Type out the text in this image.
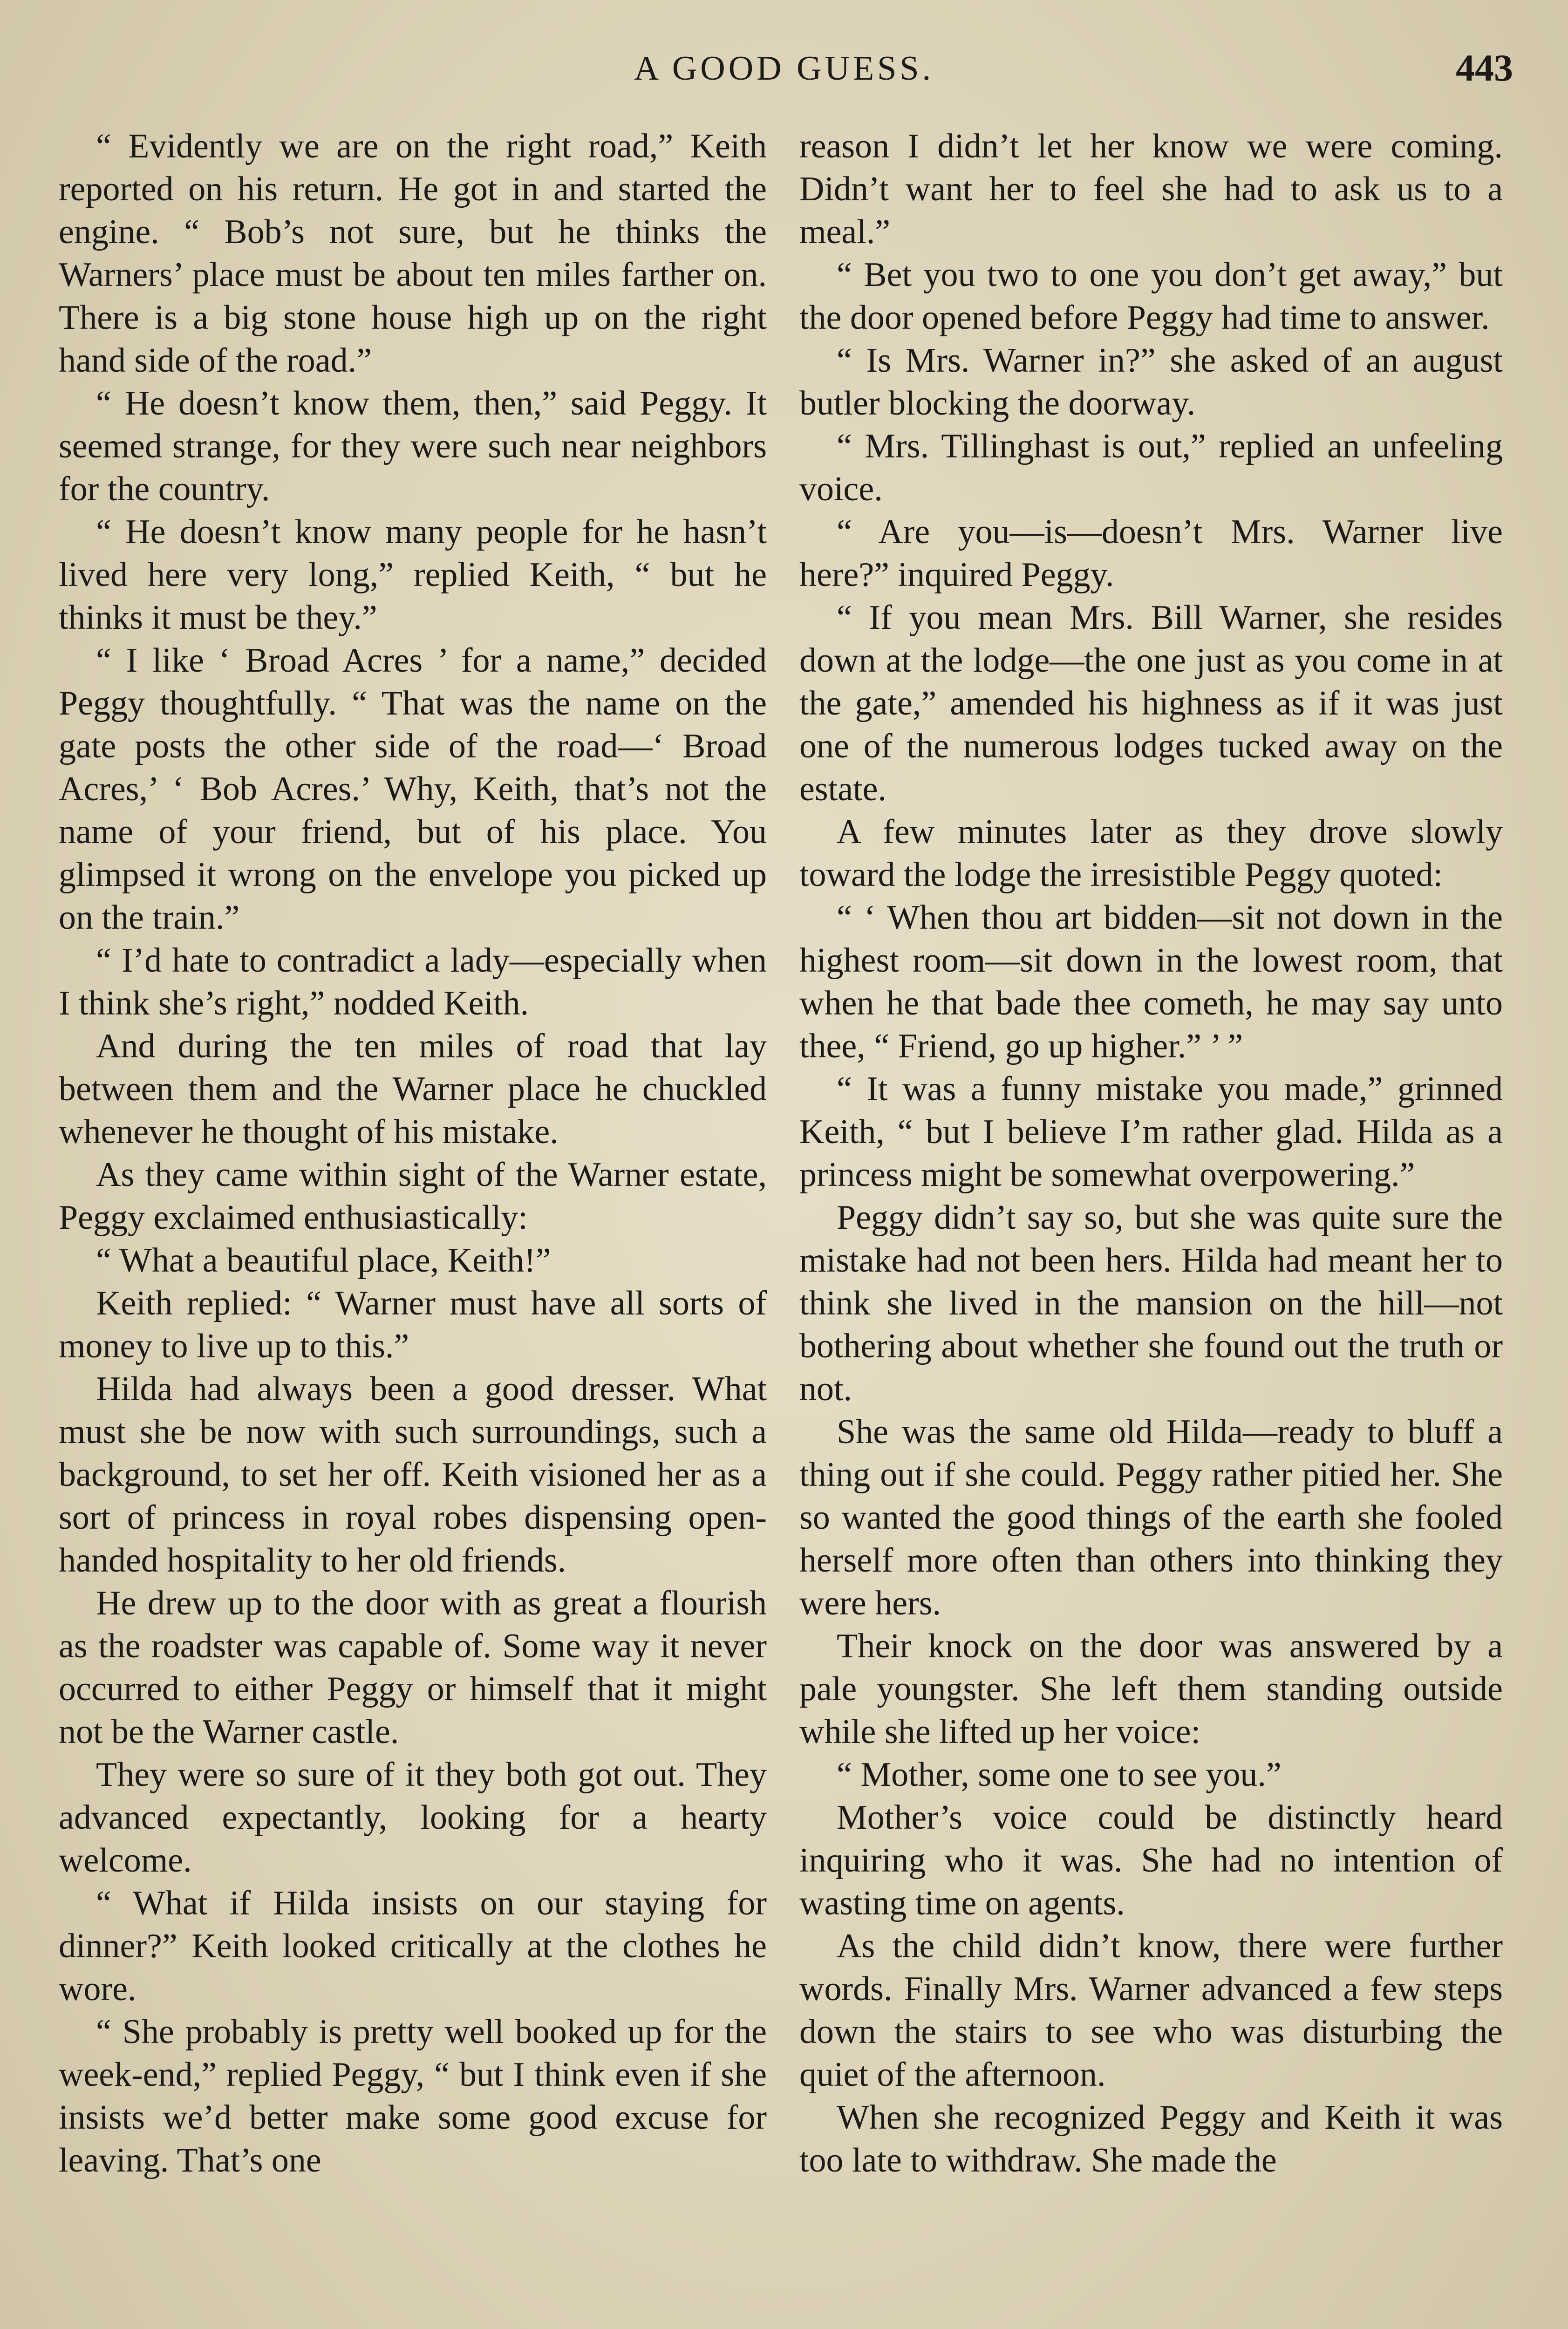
A GOOD GUESS.	443

“ Evidently we are on the right road,” Keith reported on his return. He got in and started the engine. “ Bob’s not sure, but he thinks the Warners’ place must be about ten miles farther on. There is a big stone house high up on the right hand side of the road.”

“ He doesn’t know them, then,” said Peggy. It seemed strange, for they were such near neighbors for the country.

“ He doesn’t know many people for he hasn’t lived here very long,” replied Keith, “ but he thinks it must be they.”

“ I like ‘ Broad Acres ’ for a name,” decided Peggy thoughtfully. “ That was the name on the gate posts the other side of the road—‘ Broad Acres,’ ‘ Bob Acres.’ Why, Keith, that’s not the name of your friend, but of his place. You glimpsed it wrong on the envelope you picked up on the train.”

“ I’d hate to contradict a lady—especially when I think she’s right,” nodded Keith.

And during the ten miles of road that lay between them and the Warner place he chuckled whenever he thought of his mistake.

As they came within sight of the Warner estate, Peggy exclaimed enthusiastically:

“ What a beautiful place, Keith!”

Keith replied: “ Warner must have all sorts of money to live up to this.”

Hilda had always been a good dresser. What must she be now with such surroundings, such a background, to set her off. Keith visioned her as a sort of princess in royal robes dispensing open-handed hospitality to her old friends.

He drew up to the door with as great a flourish as the roadster was capable of. Some way it never occurred to either Peggy or himself that it might not be the Warner castle.

They were so sure of it they both got out. They advanced expectantly, looking for a hearty welcome.

“ What if Hilda insists on our staying for dinner?” Keith looked critically at the clothes he wore.

“ She probably is pretty well booked up for the week-end,” replied Peggy, “ but I think even if she insists we’d better make some good excuse for leaving. That’s one

reason I didn’t let her know we were coming. Didn’t want her to feel she had to ask us to a meal.”

“ Bet you two to one you don’t get away,” but the door opened before Peggy had time to answer.

“ Is Mrs. Warner in?” she asked of an august butler blocking the doorway.

“ Mrs. Tillinghast is out,” replied an unfeeling voice.

“ Are you—is—doesn’t Mrs. Warner live here?” inquired Peggy.

“ If you mean Mrs. Bill Warner, she resides down at the lodge—the one just as you come in at the gate,” amended his highness as if it was just one of the numerous lodges tucked away on the estate.

A few minutes later as they drove slowly toward the lodge the irresistible Peggy quoted:

“ ‘ When thou art bidden—sit not down in the highest room—sit down in the lowest room, that when he that bade thee cometh, he may say unto thee, “ Friend, go up higher.” ’ ”

“ It was a funny mistake you made,” grinned Keith, “ but I believe I’m rather glad. Hilda as a princess might be somewhat overpowering.”

Peggy didn’t say so, but she was quite sure the mistake had not been hers. Hilda had meant her to think she lived in the mansion on the hill—not bothering about whether she found out the truth or not.

She was the same old Hilda—ready to bluff a thing out if she could. Peggy rather pitied her. She so wanted the good things of the earth she fooled herself more often than others into thinking they were hers.

Their knock on the door was answered by a pale youngster. She left them standing outside while she lifted up her voice:

“ Mother, some one to see you.”

Mother’s voice could be distinctly heard inquiring who it was. She had no intention of wasting time on agents.

As the child didn’t know, there were further words. Finally Mrs. Warner advanced a few steps down the stairs to see who was disturbing the quiet of the afternoon.

When she recognized Peggy and Keith it was too late to withdraw. She made the
